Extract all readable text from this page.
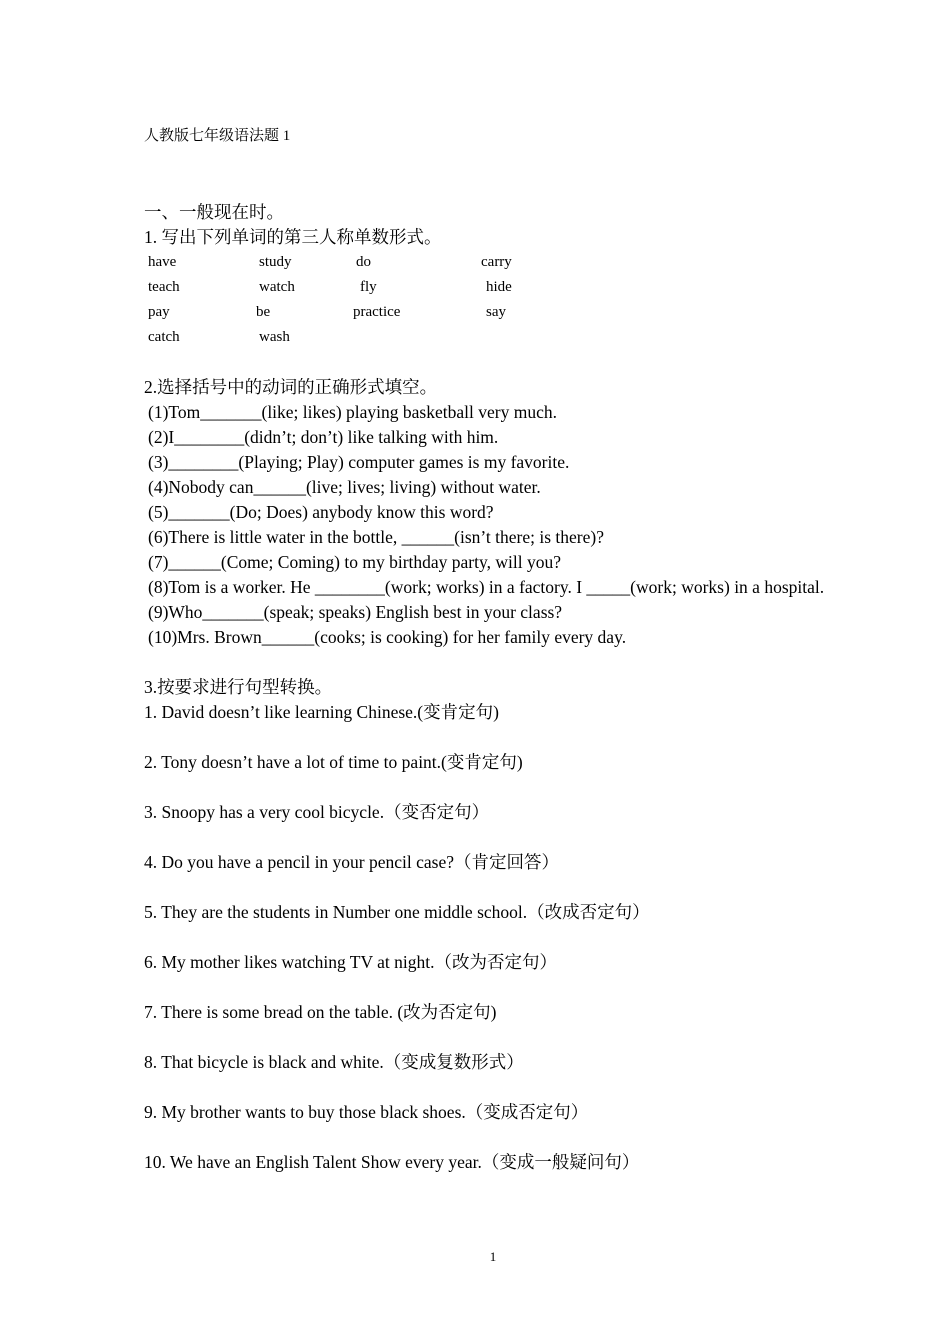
人教版七年级语法题 1
一、一般现在时。
1. 写出下列单词的第三人称单数形式。
have	study	do	carry
teach	watch	fly	hide
pay	be	practice	say
catch	wash
2.选择括号中的动词的正确形式填空。
(1)Tom_______(like; likes) playing basketball very much.
(2)I________(didn’t; don’t) like talking with him.
(3)________(Playing; Play) computer games is my favorite.
(4)Nobody can______(live; lives; living) without water.
(5)_______(Do; Does) anybody know this word?
(6)There is little water in the bottle, ______(isn’t there; is there)?
(7)______(Come; Coming) to my birthday party, will you?
(8)Tom is a worker. He ________(work; works) in a factory. I _____(work; works) in a hospital.
(9)Who_______(speak; speaks) English best in your class?
(10)Mrs. Brown______(cooks; is cooking) for her family every day.
3.按要求进行句型转换。
1. David doesn’t like learning Chinese.(变肯定句)
2. Tony doesn’t have a lot of time to paint.(变肯定句)
3. Snoopy has a very cool bicycle.（变否定句）
4. Do you have a pencil in your pencil case?（肯定回答）
5. They are the students in Number one middle school.（改成否定句）
6. My mother likes watching TV at night.（改为否定句）
7. There is some bread on the table. (改为否定句)
8. That bicycle is black and white.（变成复数形式）
9. My brother wants to buy those black shoes.（变成否定句）
10. We have an English Talent Show every year.（变成一般疑问句）
1
